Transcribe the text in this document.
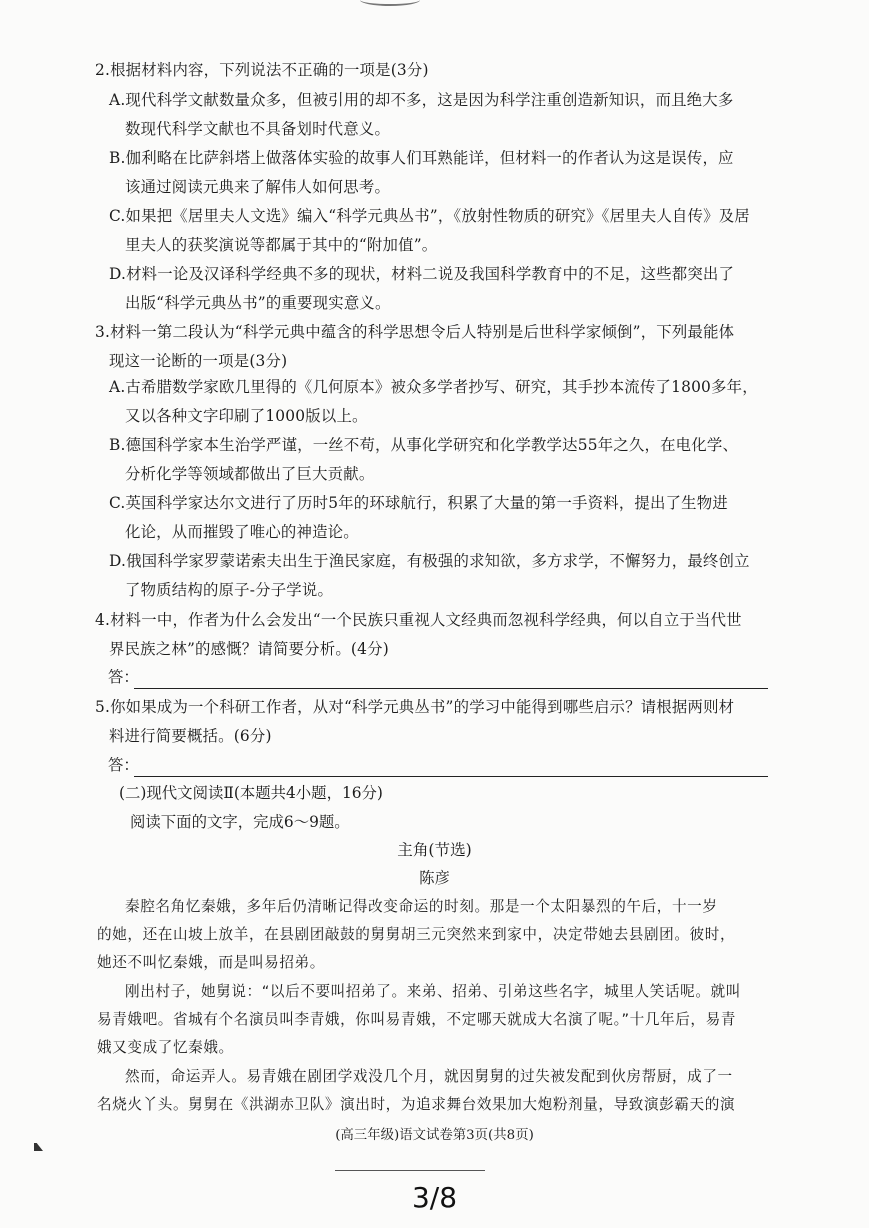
2.根据材料内容，下列说法不正确的一项是(3分)
A.现代科学文献数量众多，但被引用的却不多，这是因为科学注重创造新知识，而且绝大多
数现代科学文献也不具备划时代意义。
B.伽利略在比萨斜塔上做落体实验的故事人们耳熟能详，但材料一的作者认为这是误传，应
该通过阅读元典来了解伟人如何思考。
C.如果把《居里夫人文选》编入“科学元典丛书”，《放射性物质的研究》《居里夫人自传》及居
里夫人的获奖演说等都属于其中的“附加值”。
D.材料一论及汉译科学经典不多的现状，材料二说及我国科学教育中的不足，这些都突出了
出版“科学元典丛书”的重要现实意义。
3.材料一第二段认为“科学元典中蕴含的科学思想令后人特别是后世科学家倾倒”，下列最能体
现这一论断的一项是(3分)
A.古希腊数学家欧几里得的《几何原本》被众多学者抄写、研究，其手抄本流传了1800多年，
又以各种文字印刷了1000版以上。
B.德国科学家本生治学严谨，一丝不苟，从事化学研究和化学教学达55年之久，在电化学、
分析化学等领域都做出了巨大贡献。
C.英国科学家达尔文进行了历时5年的环球航行，积累了大量的第一手资料，提出了生物进
化论，从而摧毁了唯心的神造论。
D.俄国科学家罗蒙诺索夫出生于渔民家庭，有极强的求知欲，多方求学，不懈努力，最终创立
了物质结构的原子-分子学说。
4.材料一中，作者为什么会发出“一个民族只重视人文经典而忽视科学经典，何以自立于当代世
界民族之林”的感慨？请简要分析。(4分)
答：
5.你如果成为一个科研工作者，从对“科学元典丛书”的学习中能得到哪些启示？请根据两则材
料进行简要概括。(6分)
答：
(二)现代文阅读Ⅱ(本题共4小题，16分)
阅读下面的文字，完成6～9题。
主角(节选)
陈彦
秦腔名角忆秦娥，多年后仍清晰记得改变命运的时刻。那是一个太阳暴烈的午后，十一岁
的她，还在山坡上放羊，在县剧团敲鼓的舅舅胡三元突然来到家中，决定带她去县剧团。彼时，
她还不叫忆秦娥，而是叫易招弟。
刚出村子，她舅说：“以后不要叫招弟了。来弟、招弟、引弟这些名字，城里人笑话呢。就叫
易青娥吧。省城有个名演员叫李青娥，你叫易青娥，不定哪天就成大名演了呢。”十几年后，易青
娥又变成了忆秦娥。
然而，命运弄人。易青娥在剧团学戏没几个月，就因舅舅的过失被发配到伙房帮厨，成了一
名烧火丫头。舅舅在《洪湖赤卫队》演出时，为追求舞台效果加大炮粉剂量，导致演彭霸天的演
(高三年级)语文试卷第3页(共8页)
3/8
